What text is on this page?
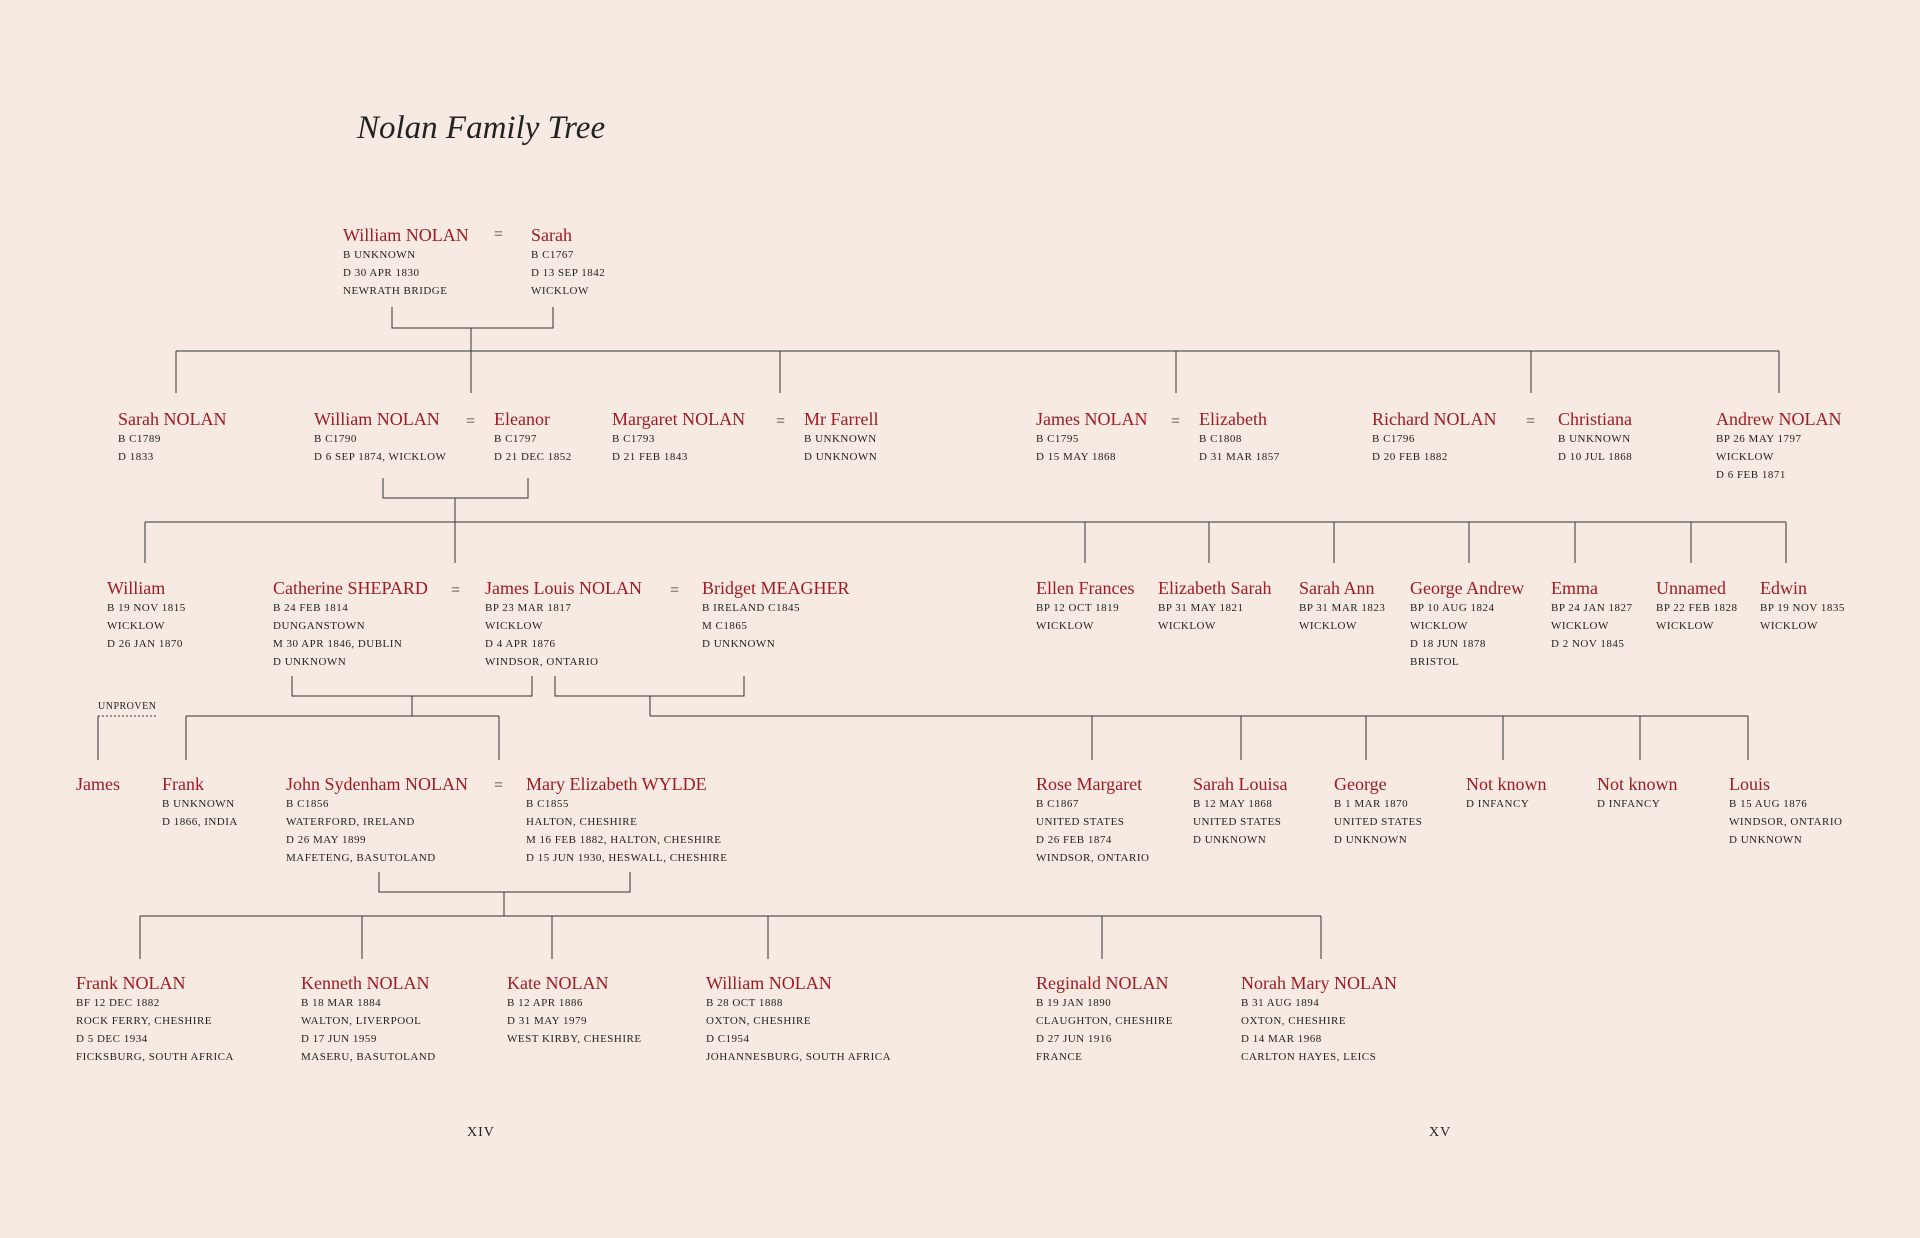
Nolan Family Tree
=
=	=	=	=
=	=
=
UNPROVEN
William NOLAN
B UNKNOWN
D 30 APR 1830
NEWRATH BRIDGE
Sarah
B C1767
D 13 SEP 1842
WICKLOW
Sarah NOLAN
B C1789
D 1833
William NOLAN
B C1790
D 6 SEP 1874, WICKLOW
Eleanor
B C1797
D 21 DEC 1852
Margaret NOLAN
B C1793
D 21 FEB 1843
Mr Farrell
B UNKNOWN
D UNKNOWN
James NOLAN
B C1795
D 15 MAY 1868
Elizabeth
B C1808
D 31 MAR 1857
Richard NOLAN
B C1796
D 20 FEB 1882
Christiana
B UNKNOWN
D 10 JUL 1868
Andrew NOLAN
BP 26 MAY 1797
WICKLOW
D 6 FEB 1871
William
B 19 NOV 1815
WICKLOW
D 26 JAN 1870
Catherine SHEPARD
B 24 FEB 1814
DUNGANSTOWN
M 30 APR 1846, DUBLIN
D UNKNOWN
James Louis NOLAN
BP 23 MAR 1817
WICKLOW
D 4 APR 1876
WINDSOR, ONTARIO
Bridget MEAGHER
B IRELAND C1845
M C1865
D UNKNOWN
Ellen Frances
BP 12 OCT 1819
WICKLOW
Elizabeth Sarah
BP 31 MAY 1821
WICKLOW
Sarah Ann
BP 31 MAR 1823
WICKLOW
George Andrew
BP 10 AUG 1824
WICKLOW
D 18 JUN 1878
BRISTOL
Emma
BP 24 JAN 1827
WICKLOW
D 2 NOV 1845
Unnamed
BP 22 FEB 1828
WICKLOW
Edwin
BP 19 NOV 1835
WICKLOW
James Frank
B UNKNOWN
D 1866, INDIA
John Sydenham NOLAN
B C1856
WATERFORD, IRELAND
D 26 MAY 1899
MAFETENG, BASUTOLAND
Mary Elizabeth WYLDE
B C1855
HALTON, CHESHIRE
M 16 FEB 1882, HALTON, CHESHIRE
D 15 JUN 1930, HESWALL, CHESHIRE
Rose Margaret
B C1867
UNITED STATES
D 26 FEB 1874
WINDSOR, ONTARIO
Sarah Louisa
B 12 MAY 1868
UNITED STATES
D UNKNOWN
George
B 1 MAR 1870
UNITED STATES
D UNKNOWN
Not known
D INFANCY
Not known
D INFANCY
Louis
B 15 AUG 1876
WINDSOR, ONTARIO
D UNKNOWN
Frank NOLAN
BF 12 DEC 1882
ROCK FERRY, CHESHIRE
D 5 DEC 1934
FICKSBURG, SOUTH AFRICA
Kenneth NOLAN
B 18 MAR 1884
WALTON, LIVERPOOL
D 17 JUN 1959
MASERU, BASUTOLAND
Kate NOLAN
B 12 APR 1886
D 31 MAY 1979
WEST KIRBY, CHESHIRE
William NOLAN
B 28 OCT 1888
OXTON, CHESHIRE
D C1954
JOHANNESBURG, SOUTH AFRICA
Reginald NOLAN
B 19 JAN 1890
CLAUGHTON, CHESHIRE
D 27 JUN 1916
FRANCE
Norah Mary NOLAN
B 31 AUG 1894
OXTON, CHESHIRE
D 14 MAR 1968
CARLTON HAYES, LEICS
XIV	XV
